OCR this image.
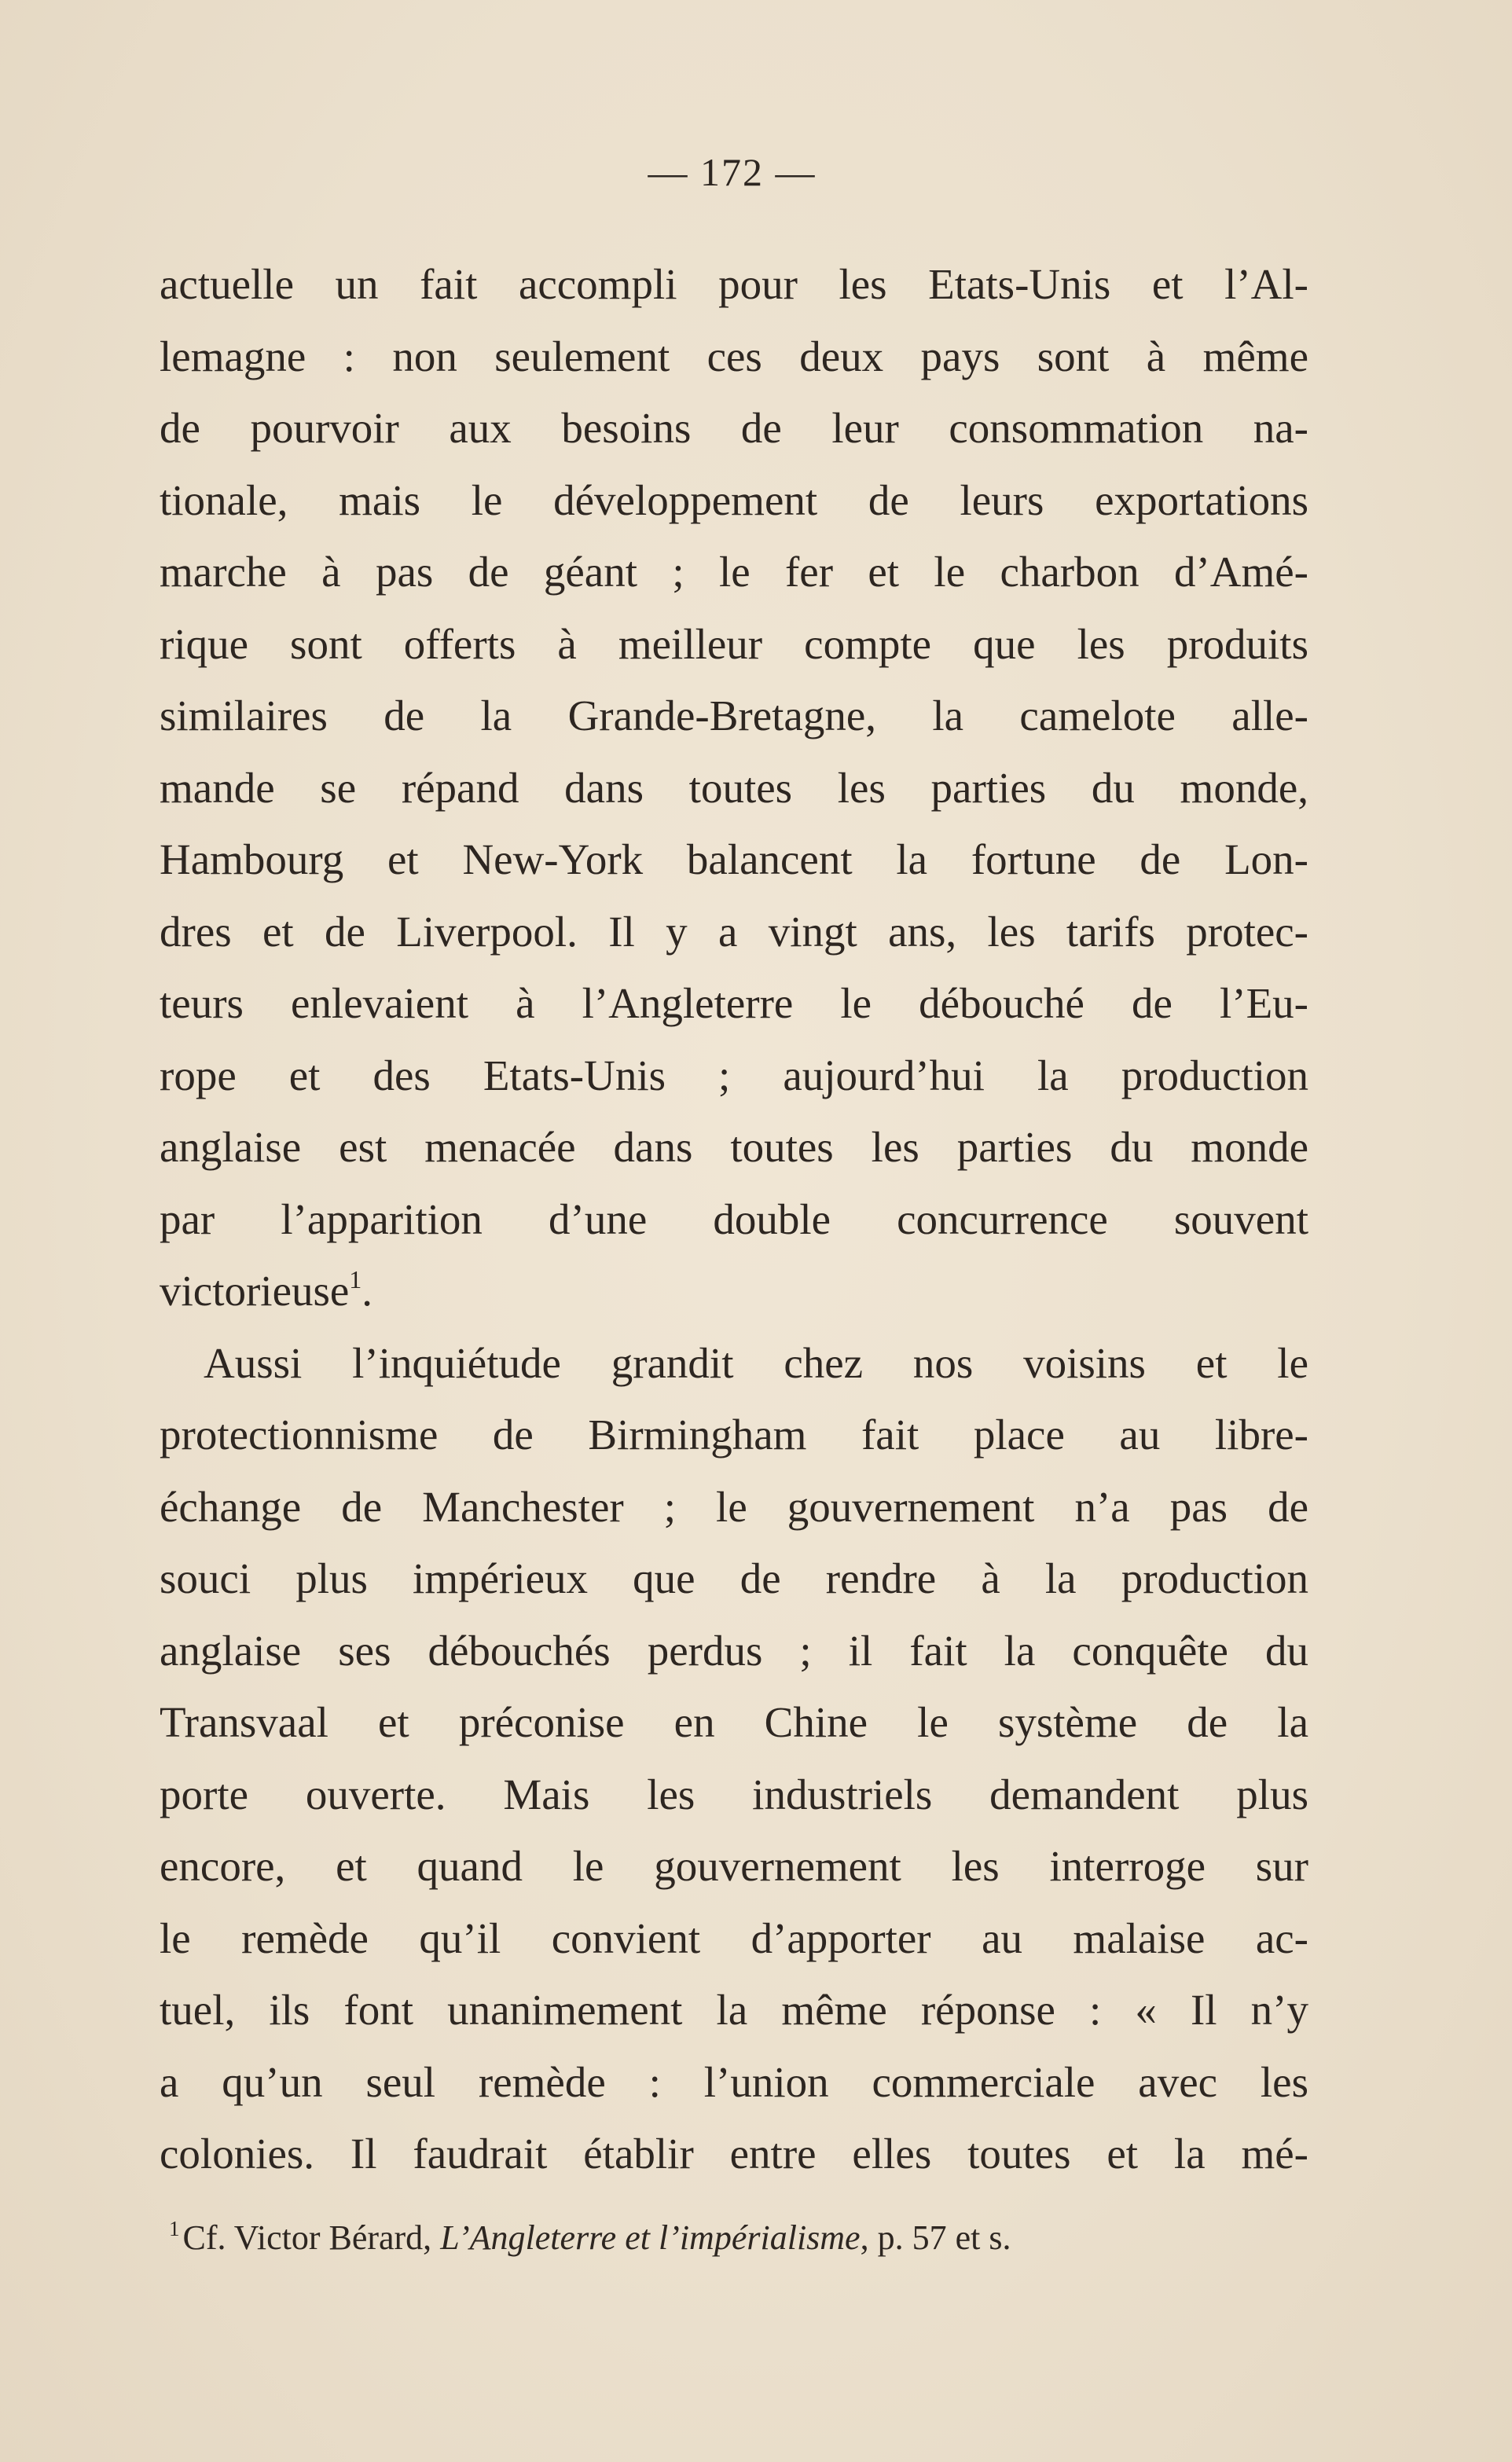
— 172 —
actuelle un fait accompli pour les Etats-Unis et l’Al-
lemagne : non seulement ces deux pays sont à même
de pourvoir aux besoins de leur consommation na-
tionale, mais le développement de leurs exportations
marche à pas de géant ; le fer et le charbon d’Amé-
rique sont offerts à meilleur compte que les produits
similaires de la Grande-Bretagne, la camelote alle-
mande se répand dans toutes les parties du monde,
Hambourg et New-York balancent la fortune de Lon-
dres et de Liverpool. Il y a vingt ans, les tarifs protec-
teurs enlevaient à l’Angleterre le débouché de l’Eu-
rope et des Etats-Unis ; aujourd’hui la production
anglaise est menacée dans toutes les parties du monde
par l’apparition d’une double concurrence souvent
victorieuse$^1$.
Aussi l’inquiétude grandit chez nos voisins et le
protectionnisme de Birmingham fait place au libre-
échange de Manchester ; le gouvernement n’a pas de
souci plus impérieux que de rendre à la production
anglaise ses débouchés perdus ; il fait la conquête du
Transvaal et préconise en Chine le système de la
porte ouverte. Mais les industriels demandent plus
encore, et quand le gouvernement les interroge sur
le remède qu’il convient d’apporter au malaise ac-
tuel, ils font unanimement la même réponse : « Il n’y
a qu’un seul remède : l’union commerciale avec les
colonies. Il faudrait établir entre elles toutes et la mé-
$^1$Cf. Victor Bérard, L’Angleterre et l’impérialisme, p. 57 et s.
